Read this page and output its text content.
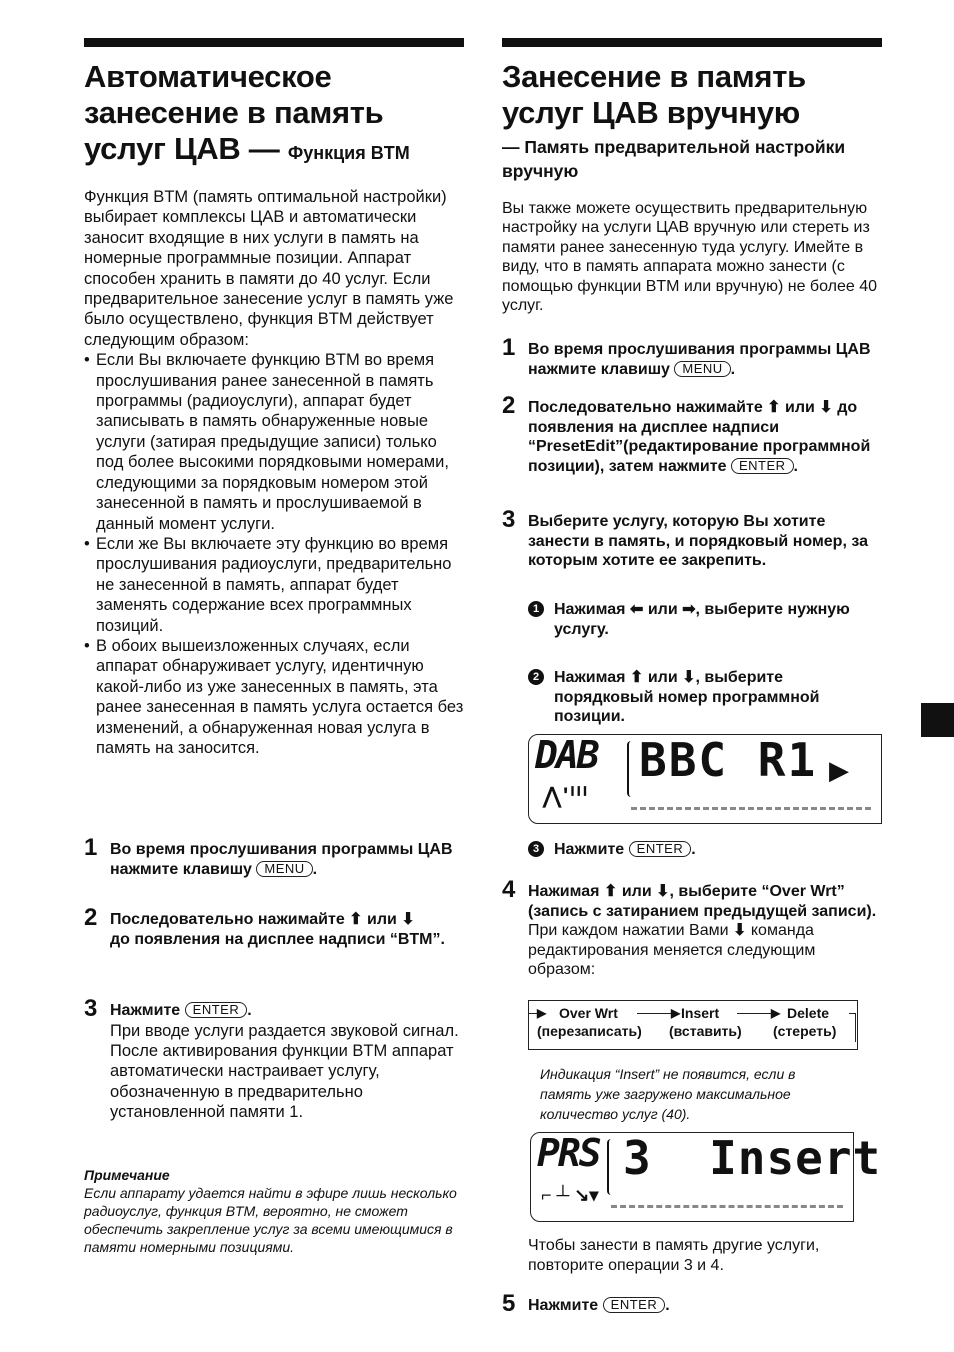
Автоматическое занесение в память услуг ЦАВ — Функция BTM

Функция BTM (память оптимальной настройки) выбирает комплексы ЦАВ и автоматически заносит входящие в них услуги в память на номерные программные позиции. Аппарат способен хранить в памяти до 40 услуг. Если предварительное занесение услуг в память уже было осуществлено, функция BTM действует следующим образом:

• Если Вы включаете функцию BTM во время прослушивания ранее занесенной в память программы (радиоуслуги), аппарат будет записывать в память обнаруженные новые услуги (затирая предыдущие записи) только под более высокими порядковыми номерами, следующими за порядковым номером этой занесенной в память и прослушиваемой в данный момент услуги.
• Если же Вы включаете эту функцию во время прослушивания радиоуслуги, предварительно не занесенной в память, аппарат будет заменять содержание всех программных позиций.
• В обоих вышеизложенных случаях, если аппарат обнаруживает услугу, идентичную какой-либо из уже занесенных в память, эта ранее занесенная в память услуга остается без изменений, а обнаруженная новая услуга в память на заносится.
1 Во время прослушивания программы ЦАВ нажмите клавишу MENU .
2 Последовательно нажимайте ⬆ или ⬇
до появления на дисплее надписи “BTM”.
3 Нажмите ENTER .
При вводе услуги раздается звуковой сигнал. После активирования функции BTM аппарат автоматически настраивает услугу, обозначенную в предварительно установленной памяти 1.
Примечание
Если аппарату удается найти в эфире лишь несколько радиоуслуг, функция BTM, вероятно, не сможет обеспечить закрепление услуг за всеми имеющимися в памяти номерными позициями.
Занесение в память услуг ЦАВ вручную
— Память предварительной настройки вручную

Вы также можете осуществить предварительную настройку на услуги ЦАВ вручную или стереть из памяти ранее занесенную туда услугу. Имейте в виду, что в память аппарата можно занести (с помощью функции BTM или вручную) не более 40 услуг.

1 Во время прослушивания программы ЦАВ нажмите клавишу MENU .
2 Последовательно нажимайте ⬆ или ⬇ до появления на дисплее надписи “PresetEdit”(редактирование программной позиции), затем нажмите ENTER .
3 Выберите услугу, которую Вы хотите занести в память, и порядковый номер, за которым хотите ее закрепить.
1 Нажимая ⬅ или ➡, выберите нужную услугу.
2 Нажимая ⬆ или ⬇, выберите порядковый номер программной позиции.
DAB BBC R1 ▶
⋀'ᑊᑊᑊ
3 Нажмите ENTER .
4 Нажимая ⬆ или ⬇, выберите “Over Wrt” (запись с затиранием предыдущей записи).
При каждом нажатии Вами ⬇ команда редактирования меняется следующим образом:
▶ Over Wrt
(перезаписать)
▶ Insert
(вставить)
▶ Delete
(стереть)
Индикация “Insert” не появится, если в память уже загружено максимальное количество услуг (40).
PRS 3  Insert
⌐ ┴ ↘▾
Чтобы занести в память другие услуги, повторите операции 3 и 4.
5 Нажмите ENTER .
